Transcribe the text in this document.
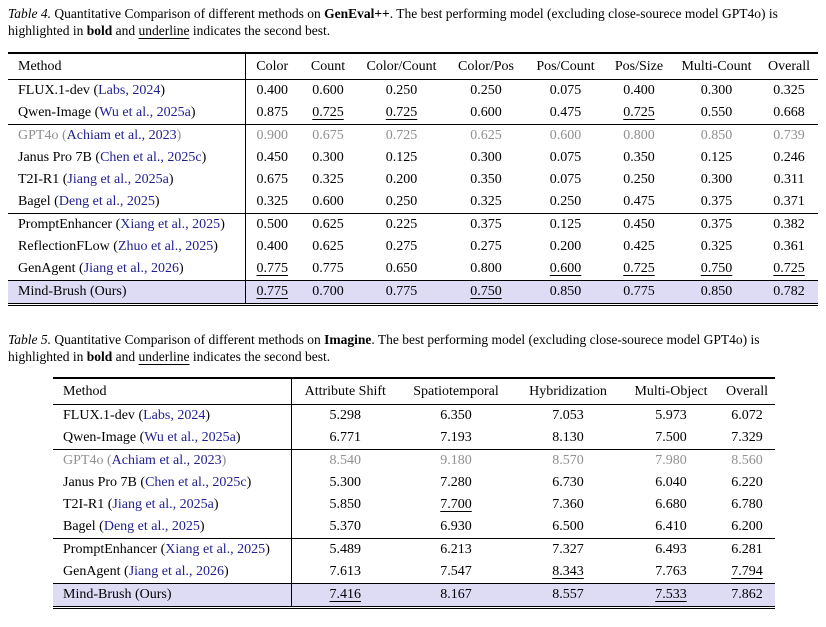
Table 4. Quantitative Comparison of different methods on GenEval++. The best performing model (excluding close-sourece model GPT4o) is highlighted in bold and underline indicates the second best.
Method	Color	Count	Color/Count	Color/Pos	Pos/Count	Pos/Size	Multi-Count	Overall
FLUX.1-dev (Labs, 2024)	0.400	0.600	0.250	0.250	0.075	0.400	0.300	0.325
Qwen-Image (Wu et al., 2025a)	0.875	0.725	0.725	0.600	0.475	0.725	0.550	0.668
GPT4o (Achiam et al., 2023)	0.900	0.675	0.725	0.625	0.600	0.800	0.850	0.739
Janus Pro 7B (Chen et al., 2025c)	0.450	0.300	0.125	0.300	0.075	0.350	0.125	0.246
T2I-R1 (Jiang et al., 2025a)	0.675	0.325	0.200	0.350	0.075	0.250	0.300	0.311
Bagel (Deng et al., 2025)	0.325	0.600	0.250	0.325	0.250	0.475	0.375	0.371
PromptEnhancer (Xiang et al., 2025)	0.500	0.625	0.225	0.375	0.125	0.450	0.375	0.382
ReflectionFLow (Zhuo et al., 2025)	0.400	0.625	0.275	0.275	0.200	0.425	0.325	0.361
GenAgent (Jiang et al., 2026)	0.775	0.775	0.650	0.800	0.600	0.725	0.750	0.725
Mind-Brush (Ours)	0.775	0.700	0.775	0.750	0.850	0.775	0.850	0.782
Table 5. Quantitative Comparison of different methods on Imagine. The best performing model (excluding close-sourece model GPT4o) is highlighted in bold and underline indicates the second best.
Method	Attribute Shift	Spatiotemporal	Hybridization	Multi-Object	Overall
FLUX.1-dev (Labs, 2024)	5.298	6.350	7.053	5.973	6.072
Qwen-Image (Wu et al., 2025a)	6.771	7.193	8.130	7.500	7.329
GPT4o (Achiam et al., 2023)	8.540	9.180	8.570	7.980	8.560
Janus Pro 7B (Chen et al., 2025c)	5.300	7.280	6.730	6.040	6.220
T2I-R1 (Jiang et al., 2025a)	5.850	7.700	7.360	6.680	6.780
Bagel (Deng et al., 2025)	5.370	6.930	6.500	6.410	6.200
PromptEnhancer (Xiang et al., 2025)	5.489	6.213	7.327	6.493	6.281
GenAgent (Jiang et al., 2026)	7.613	7.547	8.343	7.763	7.794
Mind-Brush (Ours)	7.416	8.167	8.557	7.533	7.862
